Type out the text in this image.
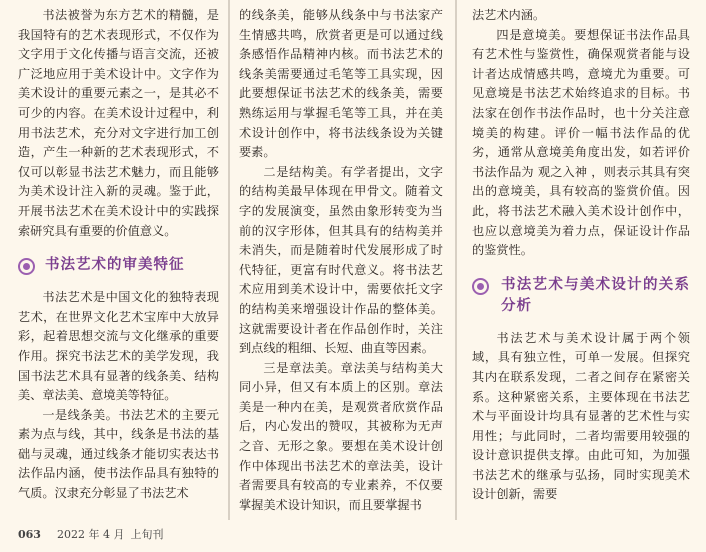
书法被誉为东方艺术的精髓，是我国特有的艺术表现形式，不仅作为文字用于文化传播与语言交流，还被广泛地应用于美术设计中。文字作为美术设计的重要元素之一，是其必不可少的内容。在美术设计过程中，利用书法艺术，充分对文字进行加工创造，产生一种新的艺术表现形式，不仅可以彰显书法艺术魅力，而且能够为美术设计注入新的灵魂。鉴于此，开展书法艺术在美术设计中的实践探索研究具有重要的价值意义。

书法艺术的审美特征

书法艺术是中国文化的独特表现艺术，在世界文化艺术宝库中大放异彩，起着思想交流与文化继承的重要作用。探究书法艺术的美学发现，我国书法艺术具有显著的线条美、结构美、章法美、意境美等特征。

一是线条美。书法艺术的主要元素为点与线，其中，线条是书法的基础与灵魂，通过线条才能切实表达书法作品内涵，使书法作品具有独特的气质。汉隶充分彰显了书法艺术

的线条美，能够从线条中与书法家产生情感共鸣，欣赏者更是可以通过线条感悟作品精神内核。而书法艺术的线条美需要通过毛笔等工具实现，因此要想保证书法艺术的线条美，需要熟练运用与掌握毛笔等工具，并在美术设计创作中，将书法线条设为关键要素。

二是结构美。有学者提出，文字的结构美最早体现在甲骨文。随着文字的发展演变，虽然由象形转变为当前的汉字形体，但其具有的结构美并未消失，而是随着时代发展形成了时代特征，更富有时代意义。将书法艺术应用到美术设计中，需要依托文字的结构美来增强设计作品的整体美。这就需要设计者在作品创作时，关注到点线的粗细、长短、曲直等因素。

三是章法美。章法美与结构美大同小异，但又有本质上的区别。章法美是一种内在美，是观赏者欣赏作品后，内心发出的赞叹，其被称为无声之音、无形之象。要想在美术设计创作中体现出书法艺术的章法美，设计者需要具有较高的专业素养，不仅要掌握美术设计知识，而且要掌握书

法艺术内涵。

四是意境美。要想保证书法作品具有艺术性与鉴赏性，确保观赏者能与设计者达成情感共鸣，意境尤为重要。可见意境是书法艺术始终追求的目标。书法家在创作书法作品时，也十分关注意境美的构建。评价一幅书法作品的优劣，通常从意境美角度出发，如若评价书法作品为 观之入神 ，则表示其具有突出的意境美，具有较高的鉴赏价值。因此，将书法艺术融入美术设计创作中，也应以意境美为着力点，保证设计作品的鉴赏性。

书法艺术与美术设计的关系分析

书法艺术与美术设计属于两个领域，具有独立性，可单一发展。但探究其内在联系发现，二者之间存在紧密关系。这种紧密关系，主要体现在书法艺术与平面设计均具有显著的艺术性与实用性；与此同时，二者均需要用较强的设计意识提供支撑。由此可知，为加强书法艺术的继承与弘扬，同时实现美术设计创新，需要

063 2022 年 4 月 上旬刊
